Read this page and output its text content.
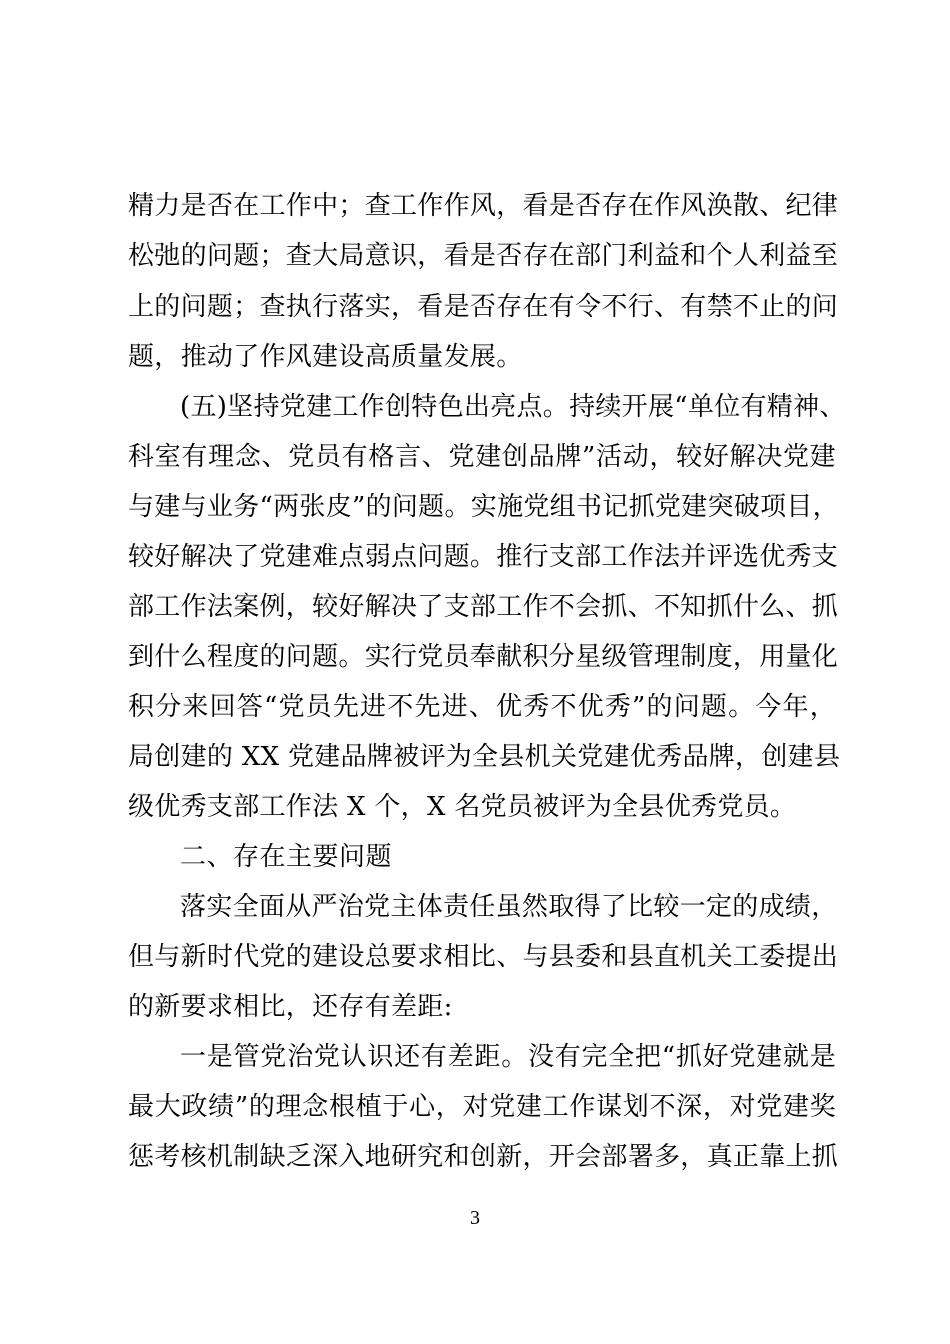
精力是否在工作中；查工作作风，看是否存在作风涣散、纪律
松弛的问题；查大局意识，看是否存在部门利益和个人利益至
上的问题；查执行落实，看是否存在有令不行、有禁不止的问
题，推动了作风建设高质量发展。
(五)坚持党建工作创特色出亮点。持续开展“单位有精神、
科室有理念、党员有格言、党建创品牌”活动，较好解决党建
与建与业务“两张皮”的问题。实施党组书记抓党建突破项目，
较好解决了党建难点弱点问题。推行支部工作法并评选优秀支
部工作法案例，较好解决了支部工作不会抓、不知抓什么、抓
到什么程度的问题。实行党员奉献积分星级管理制度，用量化
积分来回答“党员先进不先进、优秀不优秀”的问题。今年，
局创建的 XX 党建品牌被评为全县机关党建优秀品牌，创建县
级优秀支部工作法 X 个，X 名党员被评为全县优秀党员。
二、存在主要问题
落实全面从严治党主体责任虽然取得了比较一定的成绩，
但与新时代党的建设总要求相比、与县委和县直机关工委提出
的新要求相比，还存有差距:
一是管党治党认识还有差距。没有完全把“抓好党建就是
最大政绩”的理念根植于心，对党建工作谋划不深，对党建奖
惩考核机制缺乏深入地研究和创新，开会部署多，真正靠上抓
3
